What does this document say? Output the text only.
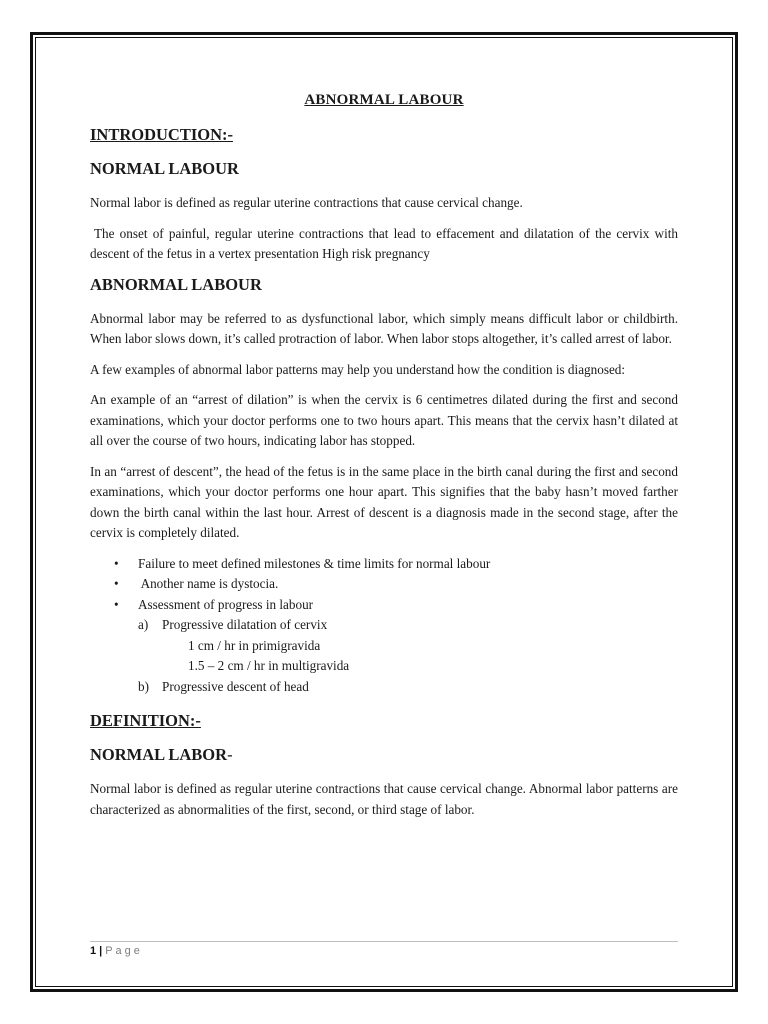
ABNORMAL LABOUR
INTRODUCTION:-
NORMAL LABOUR

Normal labor is defined as regular uterine contractions that cause cervical change.

The onset of painful, regular uterine contractions that lead to effacement and dilatation of the cervix with descent of the fetus in a vertex presentation High risk pregnancy

ABNORMAL LABOUR

Abnormal labor may be referred to as dysfunctional labor, which simply means difficult labor or childbirth. When labor slows down, it’s called protraction of labor. When labor stops altogether, it’s called arrest of labor.

A few examples of abnormal labor patterns may help you understand how the condition is diagnosed:

An example of an “arrest of dilation” is when the cervix is 6 centimetres dilated during the first and second examinations, which your doctor performs one to two hours apart. This means that the cervix hasn’t dilated at all over the course of two hours, indicating labor has stopped.

In an “arrest of descent”, the head of the fetus is in the same place in the birth canal during the first and second examinations, which your doctor performs one hour apart. This signifies that the baby hasn’t moved farther down the birth canal within the last hour. Arrest of descent is a diagnosis made in the second stage, after the cervix is completely dilated.

• Failure to meet defined milestones & time limits for normal labour
•  Another name is dystocia.
• Assessment of progress in labour
a) Progressive dilatation of cervix
1 cm / hr in primigravida
1.5 – 2 cm / hr in multigravida
b) Progressive descent of head
DEFINITION:-
NORMAL LABOR-

Normal labor is defined as regular uterine contractions that cause cervical change. Abnormal labor patterns are characterized as abnormalities of the first, second, or third stage of labor.

1 | Page
